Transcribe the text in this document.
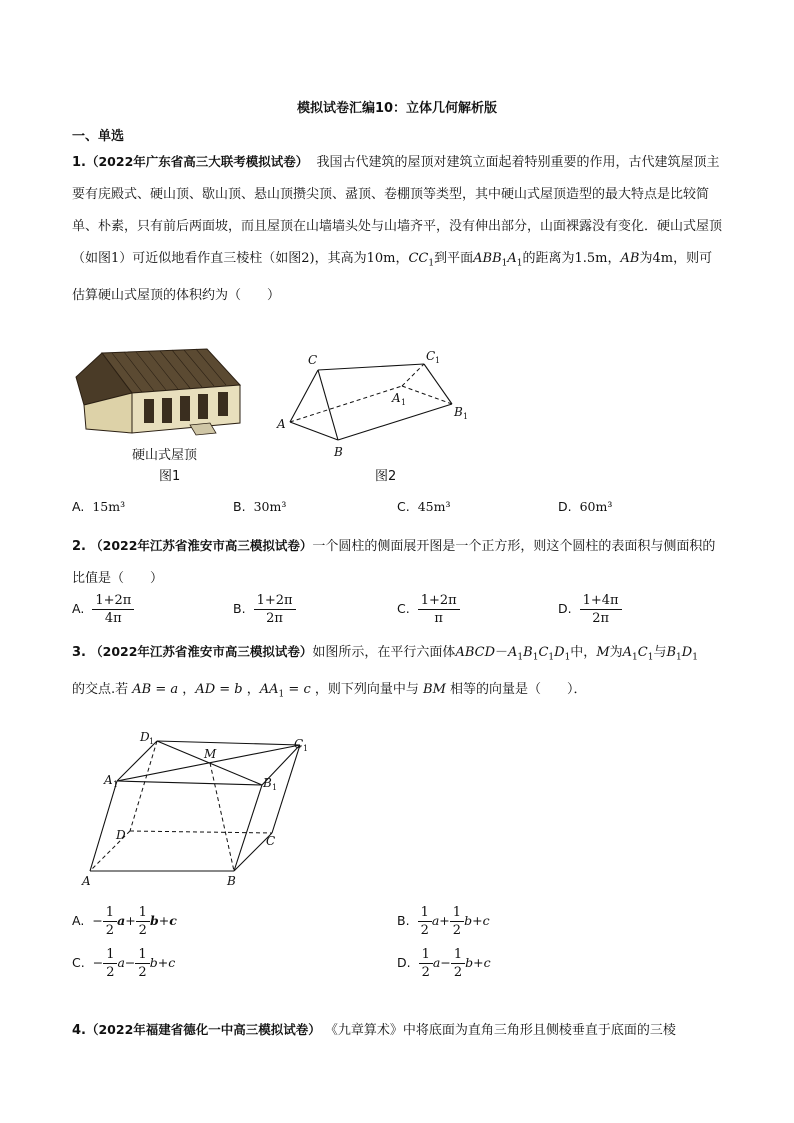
模拟试卷汇编10：立体几何解析版
一、单选
1.（2022年广东省高三大联考模拟试卷） 我国古代建筑的屋顶对建筑立面起着特别重要的作用，古代建筑屋顶主要有庑殿式、硬山顶、歇山顶、悬山顶攒尖顶、盝顶、卷棚顶等类型，其中硬山式屋顶造型的最大特点是比较简单、朴素，只有前后两面坡，而且屋顶在山墙墙头处与山墙齐平，没有伸出部分，山面裸露没有变化．硬山式屋顶（如图1）可近似地看作直三棱柱（如图2)，其高为10m，$CC_1$到平面$ABB_1A_1$的距离为1.5m，AB为4m，则可估算硬山式屋顶的体积约为（　　）
硬山式屋顶
图1
C	C 1
A 1
B 1
A
B
图2
A. 15m³	B. 30m³	C. 45m³	D. 60m³
2. （2022年江苏省淮安市高三模拟试卷）一个圆柱的侧面展开图是一个正方形，则这个圆柱的表面积与侧面积的比值是（　　）
A. $\frac{1+2\pi}{4\pi}$	B. $\frac{1+2\pi}{2\pi}$	C. $\frac{1+2\pi}{\pi}$	D. $\frac{1+4\pi}{2\pi}$
3. （2022年江苏省淮安市高三模拟试卷）如图所示，在平行六面体$ABCD-A_1B_1C_1D_1$中，M为$A_1C_1$与$B_1D_1$
的交点.若 AB = a ，AD = b ，$AA_1 = c$ ，则下列向量中与 BM 相等的向量是（　　）．
D 1
M
C 1
A 1	B 1
D	C
A	B
A. − $\frac{1}{2} a+ \frac{1}{2} b+c$	B. $\frac{1}{2} a+ \frac{1}{2} b+c$
C. − $\frac{1}{2} a- \frac{1}{2} b+c$	D. $\frac{1}{2} a- \frac{1}{2} b+c$
4.（2022年福建省德化一中高三模拟试卷） 《九章算术》中将底面为直角三角形且侧棱垂直于底面的三棱
